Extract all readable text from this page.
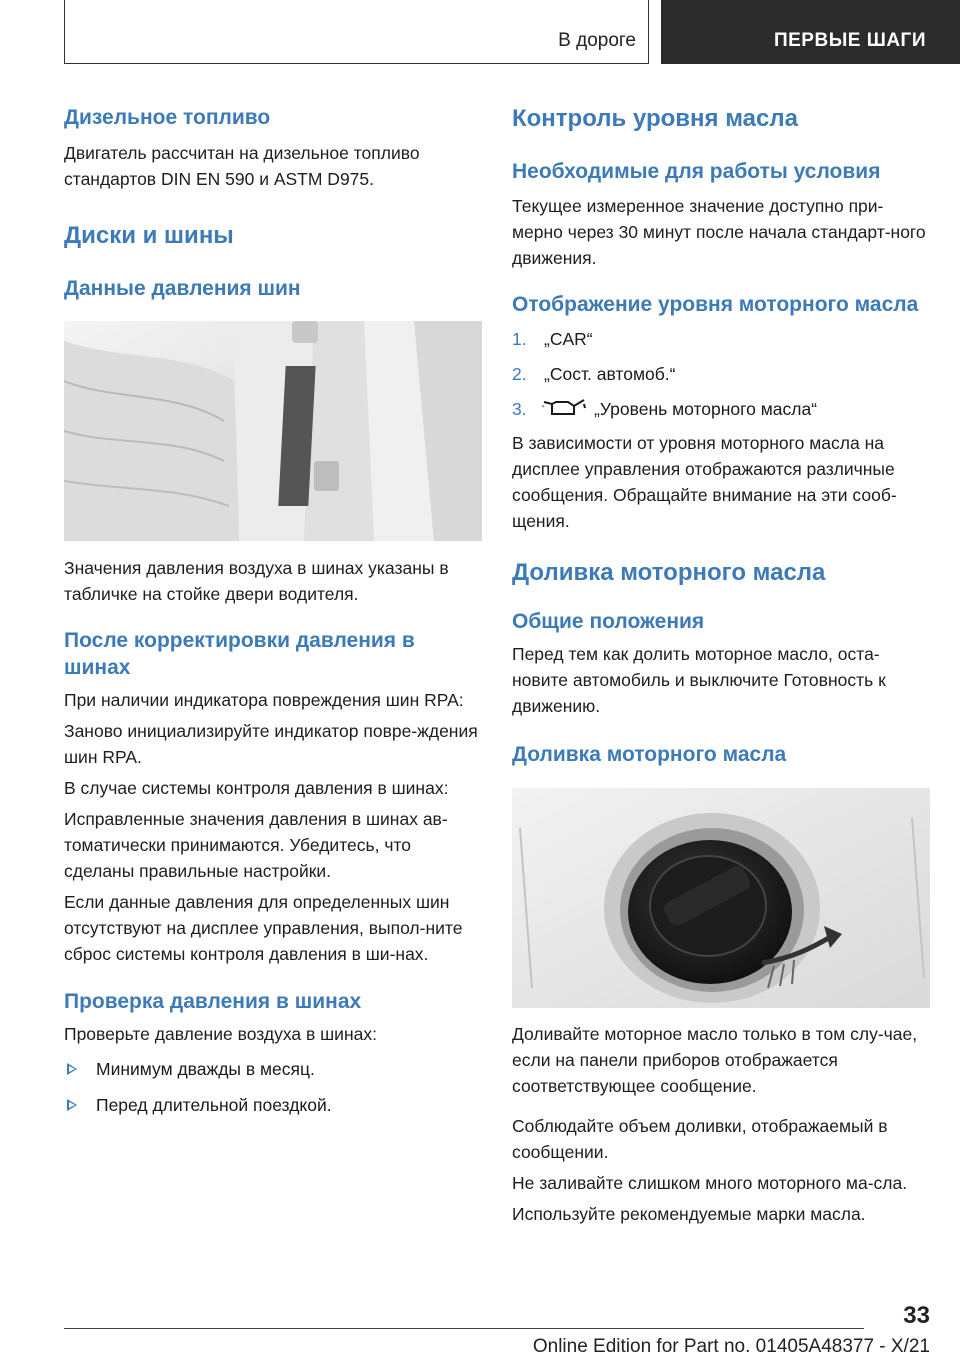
В дороге	ПЕРВЫЕ ШАГИ
Дизельное топливо
Двигатель рассчитан на дизельное топливо стандартов DIN EN 590 и ASTM D975.
Диски и шины
Данные давления шин
Значения давления воздуха в шинах указаны в табличке на стойке двери водителя.
После корректировки давления в шинах
При наличии индикатора повреждения шин RPA:
Заново инициализируйте индикатор повре-ждения шин RPA.
В случае системы контроля давления в шинах:
Исправленные значения давления в шинах ав-томатически принимаются. Убедитесь, что сделаны правильные настройки.
Если данные давления для определенных шин отсутствуют на дисплее управления, выпол-ните сброс системы контроля давления в ши-нах.
Проверка давления в шинах
Проверьте давление воздуха в шинах:
Минимум дважды в месяц.
Перед длительной поездкой.
Контроль уровня масла
Необходимые для работы условия
Текущее измеренное значение доступно при-мерно через 30 минут после начала стандарт-ного движения.
Отображение уровня моторного масла
1. „CAR“
2. „Сост. автомоб.“
3.	„Уровень моторного масла“
В зависимости от уровня моторного масла на дисплее управления отображаются различные сообщения. Обращайте внимание на эти сооб-щения.
Доливка моторного масла
Общие положения
Перед тем как долить моторное масло, оста-новите автомобиль и выключите Готовность к движению.
Доливка моторного масла
Доливайте моторное масло только в том слу-чае, если на панели приборов отображается соответствующее сообщение.
Соблюдайте объем доливки, отображаемый в сообщении.
Не заливайте слишком много моторного ма-сла.
Используйте рекомендуемые марки масла.
33
Online Edition for Part no. 01405A48377 - X/21
